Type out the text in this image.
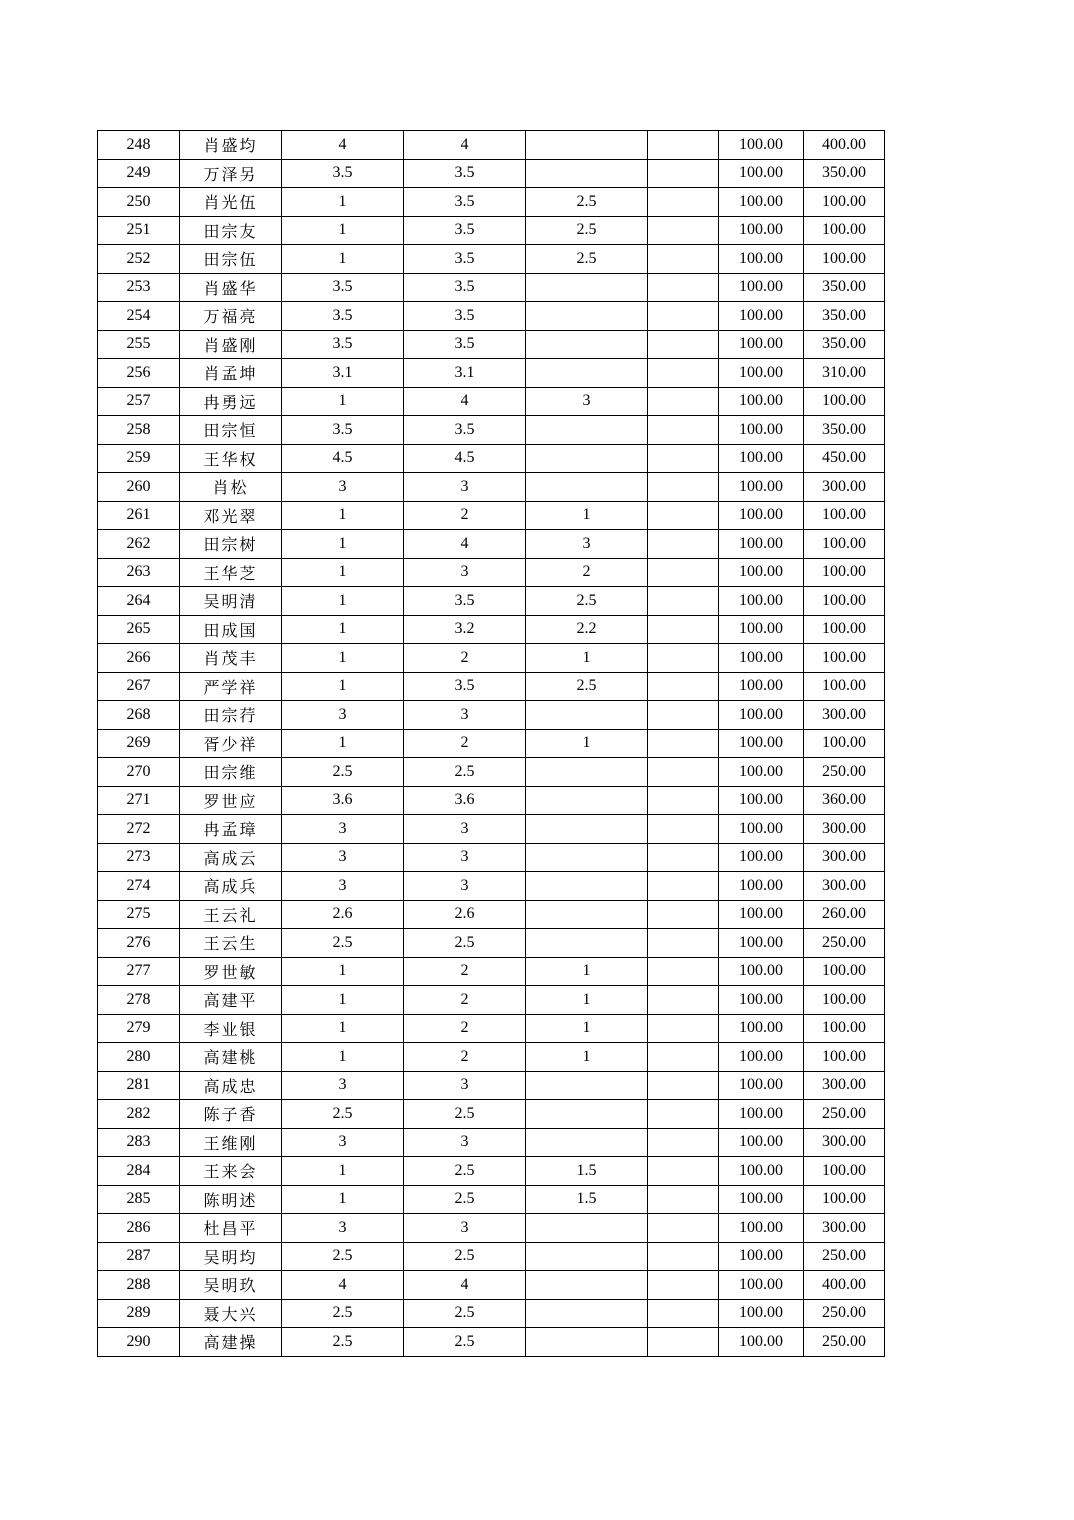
248	肖盛均	4	4			100.00	400.00
249	万泽另	3.5	3.5			100.00	350.00
250	肖光伍	1	3.5	2.5		100.00	100.00
251	田宗友	1	3.5	2.5		100.00	100.00
252	田宗伍	1	3.5	2.5		100.00	100.00
253	肖盛华	3.5	3.5			100.00	350.00
254	万福亮	3.5	3.5			100.00	350.00
255	肖盛刚	3.5	3.5			100.00	350.00
256	肖孟坤	3.1	3.1			100.00	310.00
257	冉勇远	1	4	3		100.00	100.00
258	田宗恒	3.5	3.5			100.00	350.00
259	王华权	4.5	4.5			100.00	450.00
260	肖松	3	3			100.00	300.00
261	邓光翠	1	2	1		100.00	100.00
262	田宗树	1	4	3		100.00	100.00
263	王华芝	1	3	2		100.00	100.00
264	吴明清	1	3.5	2.5		100.00	100.00
265	田成国	1	3.2	2.2		100.00	100.00
266	肖茂丰	1	2	1		100.00	100.00
267	严学祥	1	3.5	2.5		100.00	100.00
268	田宗荇	3	3			100.00	300.00
269	胥少祥	1	2	1		100.00	100.00
270	田宗维	2.5	2.5			100.00	250.00
271	罗世应	3.6	3.6			100.00	360.00
272	冉孟璋	3	3			100.00	300.00
273	高成云	3	3			100.00	300.00
274	高成兵	3	3			100.00	300.00
275	王云礼	2.6	2.6			100.00	260.00
276	王云生	2.5	2.5			100.00	250.00
277	罗世敏	1	2	1		100.00	100.00
278	高建平	1	2	1		100.00	100.00
279	李业银	1	2	1		100.00	100.00
280	高建桃	1	2	1		100.00	100.00
281	高成忠	3	3			100.00	300.00
282	陈子香	2.5	2.5			100.00	250.00
283	王维刚	3	3			100.00	300.00
284	王来会	1	2.5	1.5		100.00	100.00
285	陈明述	1	2.5	1.5		100.00	100.00
286	杜昌平	3	3			100.00	300.00
287	吴明均	2.5	2.5			100.00	250.00
288	吴明玖	4	4			100.00	400.00
289	聂大兴	2.5	2.5			100.00	250.00
290	高建操	2.5	2.5			100.00	250.00
